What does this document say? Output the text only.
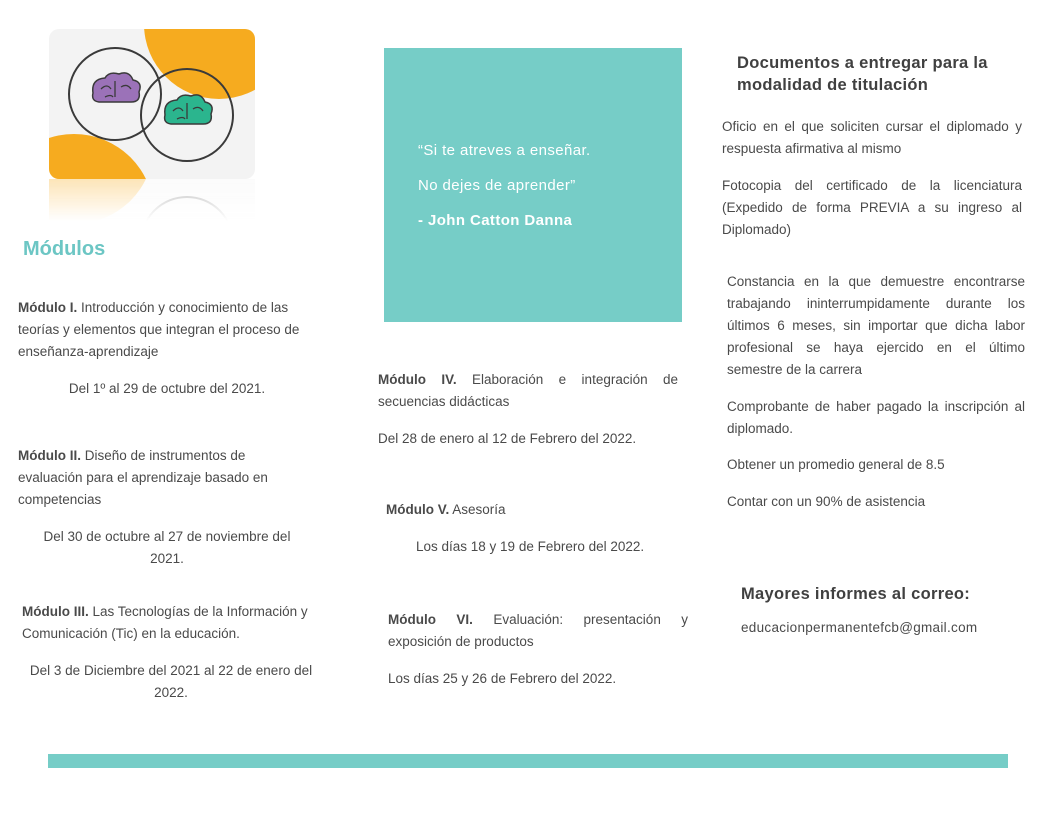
Módulos

Módulo I. Introducción y conocimiento de las teorías y elementos que integran el proceso de enseñanza-aprendizaje

Del 1º al 29 de octubre del 2021.

Módulo II. Diseño de instrumentos de evaluación para el aprendizaje basado en competencias

Del 30 de octubre al 27 de noviembre del 2021.

Módulo III. Las Tecnologías de la Información y Comunicación (Tic) en la educación.

Del 3 de Diciembre del 2021 al 22 de enero del 2022.

“Si te atreves a enseñar.
No dejes de aprender”
- John Catton Danna

Módulo IV. Elaboración e integración de secuencias didácticas

Del 28 de enero al 12 de Febrero del 2022.

Módulo V. Asesoría

Los días 18 y 19 de Febrero del 2022.

Módulo VI. Evaluación: presentación y exposición de productos

Los días 25 y 26 de Febrero del 2022.

Documentos a entregar para la modalidad de titulación

Oficio en el que soliciten cursar el diplomado y respuesta afirmativa al mismo

Fotocopia del certificado de la licenciatura (Expedido de forma PREVIA a su ingreso al Diplomado)

Constancia en la que demuestre encontrarse trabajando ininterrumpidamente durante los últimos 6 meses, sin importar que dicha labor profesional se haya ejercido en el último semestre de la carrera

Comprobante de haber pagado la inscripción al diplomado.

Obtener un promedio general de 8.5

Contar con un 90% de asistencia

Mayores informes al correo:
educacionpermanentefcb@gmail.com
